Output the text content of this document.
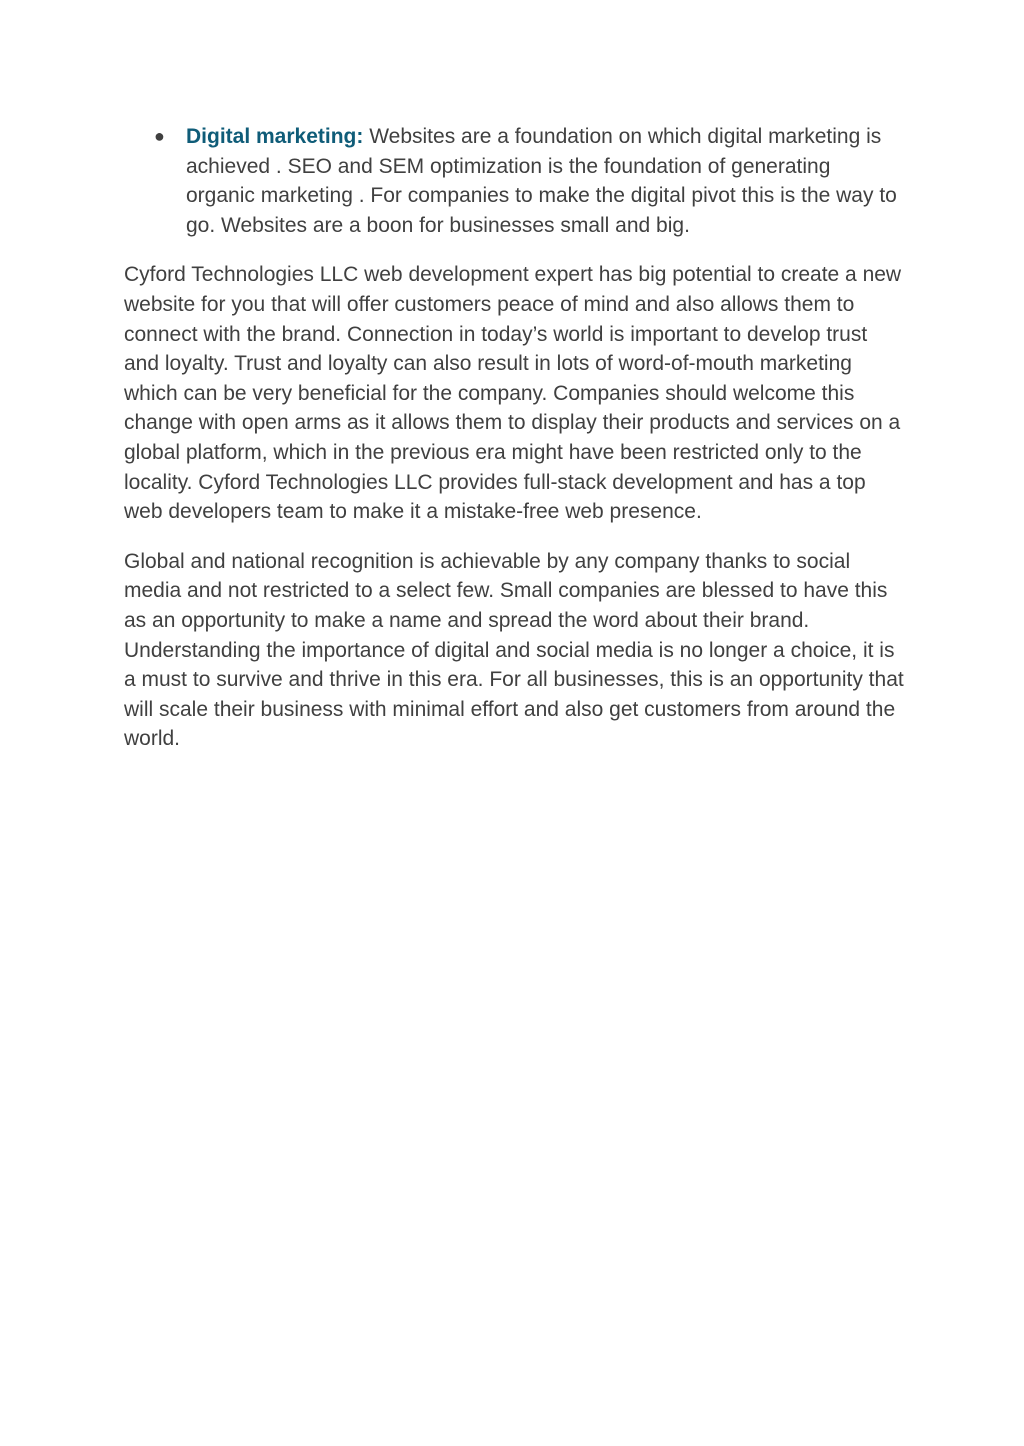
● Digital marketing: Websites are a foundation on which digital marketing is achieved . SEO and SEM optimization is the foundation of generating organic marketing . For companies to make the digital pivot this is the way to go. Websites are a boon for businesses small and big.

Cyford Technologies LLC web development expert has big potential to create a new website for you that will offer customers peace of mind and also allows them to connect with the brand. Connection in today’s world is important to develop trust and loyalty. Trust and loyalty can also result in lots of word-of-mouth marketing which can be very beneficial for the company. Companies should welcome this change with open arms as it allows them to display their products and services on a global platform, which in the previous era might have been restricted only to the locality. Cyford Technologies LLC provides full-stack development and has a top web developers team to make it a mistake-free web presence.

Global and national recognition is achievable by any company thanks to social media and not restricted to a select few. Small companies are blessed to have this as an opportunity to make a name and spread the word about their brand. Understanding the importance of digital and social media is no longer a choice, it is a must to survive and thrive in this era. For all businesses, this is an opportunity that will scale their business with minimal effort and also get customers from around the world.
